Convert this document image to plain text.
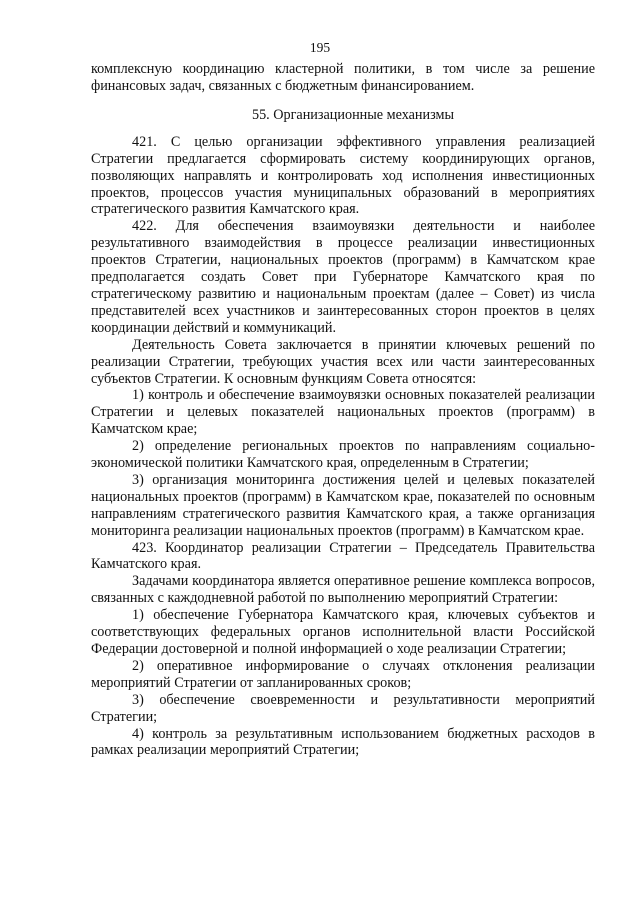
195

комплексную координацию кластерной политики, в том числе за решение финансовых задач, связанных с бюджетным финансированием.

55. Организационные механизмы

421. С целью организации эффективного управления реализацией Стратегии предлагается сформировать систему координирующих органов, позволяющих направлять и контролировать ход исполнения инвестиционных проектов, процессов участия муниципальных образований в мероприятиях стратегического развития Камчатского края.

422. Для обеспечения взаимоувязки деятельности и наиболее результативного взаимодействия в процессе реализации инвестиционных проектов Стратегии, национальных проектов (программ) в Камчатском крае предполагается создать Совет при Губернаторе Камчатского края по стратегическому развитию и национальным проектам (далее – Совет) из числа представителей всех участников и заинтересованных сторон проектов в целях координации действий и коммуникаций.

Деятельность Совета заключается в принятии ключевых решений по реализации Стратегии, требующих участия всех или части заинтересованных субъектов Стратегии. К основным функциям Совета относятся:

1) контроль и обеспечение взаимоувязки основных показателей реализации Стратегии и целевых показателей национальных проектов (программ) в Камчатском крае;

2) определение региональных проектов по направлениям социально-экономической политики Камчатского края, определенным в Стратегии;

3) организация мониторинга достижения целей и целевых показателей национальных проектов (программ) в Камчатском крае, показателей по основным направлениям стратегического развития Камчатского края, а также организация мониторинга реализации национальных проектов (программ) в Камчатском крае.

423. Координатор реализации Стратегии – Председатель Правительства Камчатского края.

Задачами координатора является оперативное решение комплекса вопросов, связанных с каждодневной работой по выполнению мероприятий Стратегии:

1) обеспечение Губернатора Камчатского края, ключевых субъектов и соответствующих федеральных органов исполнительной власти Российской Федерации достоверной и полной информацией о ходе реализации Стратегии;

2) оперативное информирование о случаях отклонения реализации мероприятий Стратегии от запланированных сроков;

3) обеспечение своевременности и результативности мероприятий Стратегии;

4) контроль за результативным использованием бюджетных расходов в рамках реализации мероприятий Стратегии;
